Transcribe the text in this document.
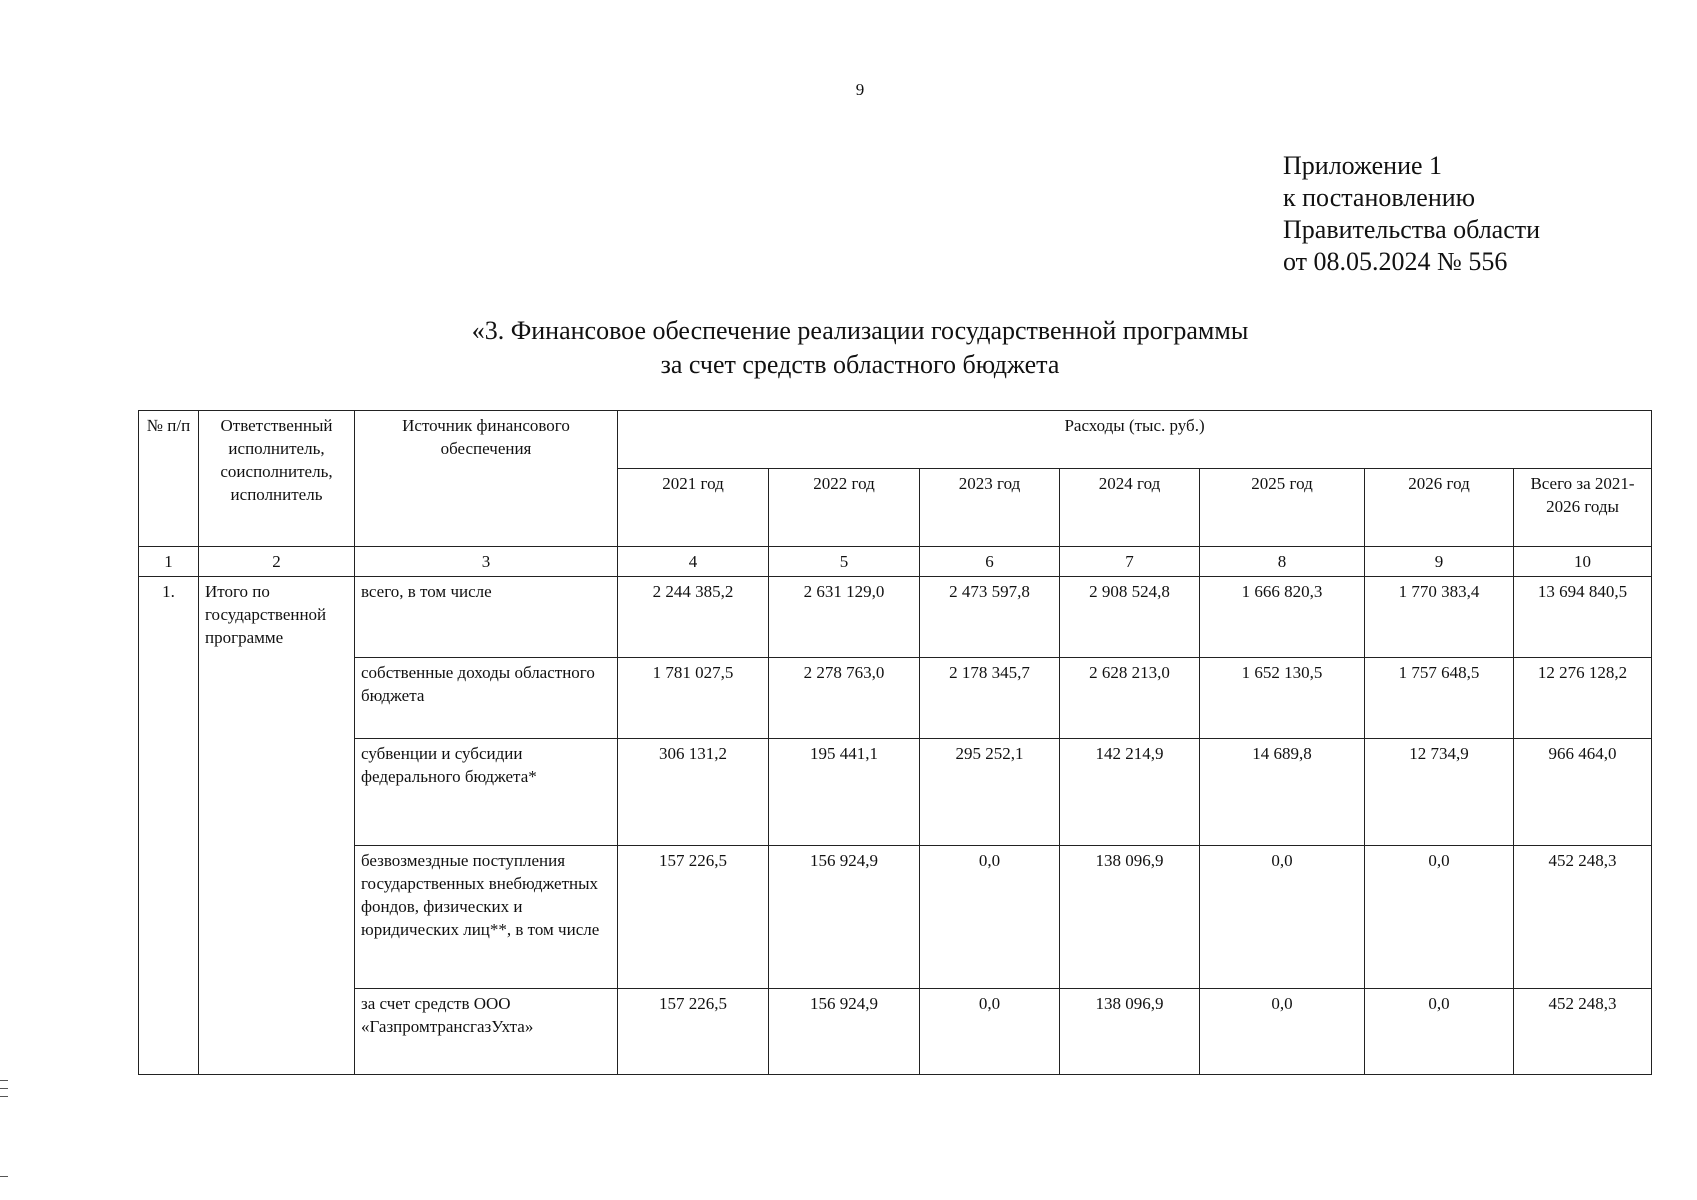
9
Приложение 1
к постановлению
Правительства области
от 08.05.2024 № 556
«3. Финансовое обеспечение реализации государственной программы
за счет средств областного бюджета
№ п/п	Ответственный исполнитель, соисполнитель, исполнитель	Источник финансового обеспечения	Расходы (тыс. руб.)						
			2021 год	2022 год	2023 год	2024 год	2025 год	2026 год	Всего за 2021-2026 годы
1	2	3	4	5	6	7	8	9	10
1.	Итого по государственной программе	всего, в том числе	2 244 385,2	2 631 129,0	2 473 597,8	2 908 524,8	1 666 820,3	1 770 383,4	13 694 840,5
		собственные доходы областного бюджета	1 781 027,5	2 278 763,0	2 178 345,7	2 628 213,0	1 652 130,5	1 757 648,5	12 276 128,2
		субвенции и субсидии федерального бюджета*	306 131,2	195 441,1	295 252,1	142 214,9	14 689,8	12 734,9	966 464,0
		безвозмездные поступления государственных внебюджетных фондов, физических и юридических лиц**, в том числе	157 226,5	156 924,9	0,0	138 096,9	0,0	0,0	452 248,3
		за счет средств ООО «ГазпромтрансгазУхта»	157 226,5	156 924,9	0,0	138 096,9	0,0	0,0	452 248,3
